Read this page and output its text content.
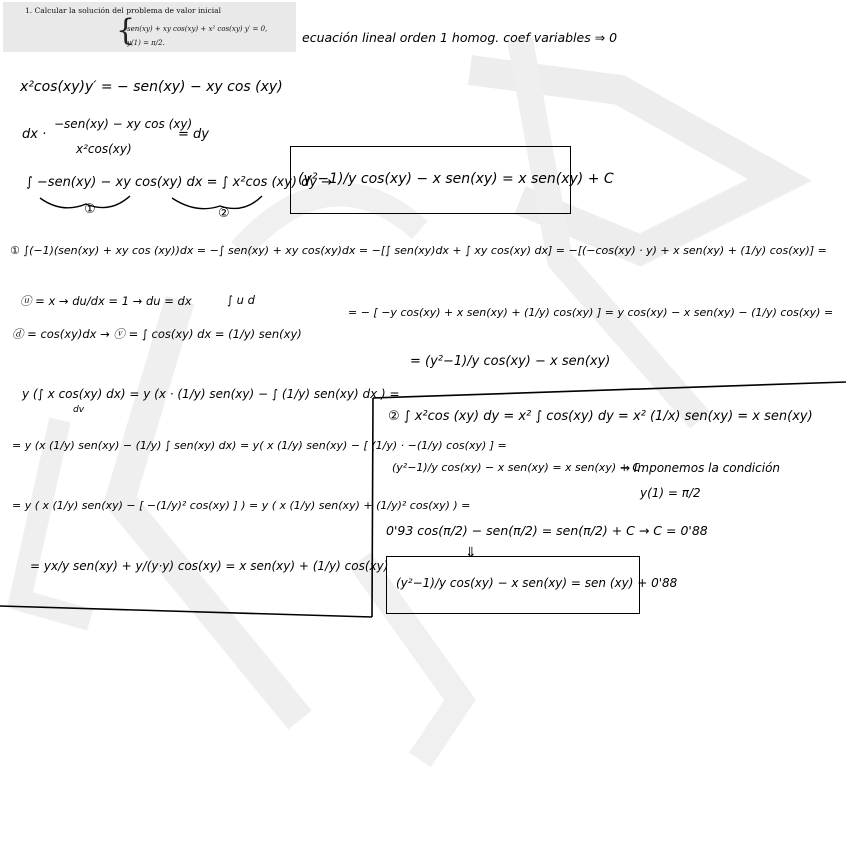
1. Calcular la solución del problema de valor inicial
{
sen(xy) + xy cos(xy) + x² cos(xy) y′ = 0,
y(1) = π/2.	ecuación lineal orden 1 homog. coef variables ⇒ 0
x²cos(xy)y′ = − sen(xy) − xy cos (xy)
dx ·
−sen(xy) − xy cos (xy)
x²cos(xy)
= dy
∫ −sen(xy) − xy cos(xy) dx = ∫ x²cos (xy) dy →
①	②
(y²−1)/y cos(xy) − x sen(xy) = x sen(xy) + C
① ∫(−1)(sen(xy) + xy cos (xy))dx = −∫ sen(xy) + xy cos(xy)dx = −[∫ sen(xy)dx + ∫ xy cos(xy) dx] = −[(−cos(xy) · y) + x sen(xy) + (1/y) cos(xy)] =
= − [ −y cos(xy) + x sen(xy) + (1/y) cos(xy) ] = y cos(xy) − x sen(xy) − (1/y) cos(xy) =
= (y²−1)/y cos(xy) − x sen(xy)
ⓤ = x → du/dx = 1 → du = dx	∫ u d
ⓓ = cos(xy)dx → ⓥ = ∫ cos(xy) dx = (1/y) sen(xy)
y (∫ x cos(xy) dx) = y (x · (1/y) sen(xy) − ∫ (1/y) sen(xy) dx ) =
dv
= y (x (1/y) sen(xy) − (1/y) ∫ sen(xy) dx) = y( x (1/y) sen(xy) − [ (1/y) · −(1/y) cos(xy) ] =
= y ( x (1/y) sen(xy) − [ −(1/y)² cos(xy) ] ) = y ( x (1/y) sen(xy) + (1/y)² cos(xy) ) =
= yx/y sen(xy) + y/(y·y) cos(xy) = x sen(xy) + (1/y) cos(xy)
② ∫ x²cos (xy) dy = x² ∫ cos(xy) dy = x² (1/x) sen(xy) = x sen(xy)
(y²−1)/y cos(xy) − x sen(xy) = x sen(xy) + C
→ Imponemos la condición
y(1) = π/2
0'93 cos(π/2) − sen(π/2) = sen(π/2) + C → C = 0'88
⇓
(y²−1)/y cos(xy) − x sen(xy) = sen (xy) + 0'88
